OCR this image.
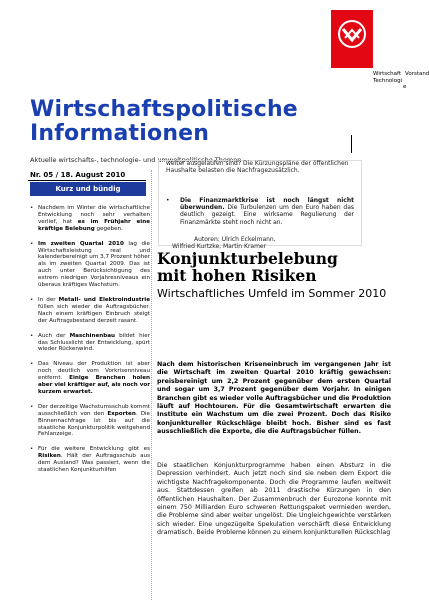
Wirtschaft
Technologi
e
Vorstand
Wirtschaftspolitische
Informationen
Aktuelle wirtschafts-, technologie- und umweltpolitische Themen
Nr. 05 / 18. August 2010
Kurz und bündig
• Nachdem im Winter die wirtschaftliche Entwicklung noch sehr verhalten verlief, hat es im Frühjahr eine kräftige Belebung gegeben.
• Im zweiten Quartal 2010 lag die Wirtschaftsleistung real und kalenderbereinigt um 3,7 Prozent höher als im zweiten Quartal 2009. Das ist auch unter Berücksichtigung des extrem niedrigen Vorjahresniveaus ein überaus kräftiges Wachstum.
• In der Metall- und Elektroindustrie füllen sich wieder die Auftragsbücher. Nach einem kräftigen Einbruch steigt der Auftragsbestand derzeit rasant.
• Auch der Maschinenbau bildet hier das Schlusslicht der Entwicklung, spürt wieder Rückenwind.
• Das Niveau der Produktion ist aber noch deutlich vom Vorkrisenniveau entfernt. Einige Branchen holen aber viel kräftiger auf, als noch vor kurzem erwartet.
• Der derzeitige Wachstumsschub kommt ausschließlich von den Exporten. Die Binnennachfrage ist bis auf die staatliche Konjunkturpolitik weitgehend Fehlanzeige.
• Für die weitere Entwicklung gibt es Risiken. Hält der Auftragsschub aus dem Ausland? Was passiert, wenn die staatlichen Konjunkturhilfen
weiter ausgelaufen sind? Die Kürzungspläne der öffentlichen Haushalte belasten die Nachfragezusätzlich.
•	Die Finanzmarktkrise ist noch längst nicht überwunden. Die Turbulenzen um den Euro haben das deutlich gezeigt. Eine wirksame Regulierung der Finanzmärkte steht noch nicht an.
Autoren: Ulrich Eckelmann,
Wilfried Kurtzke, Martin Kramer
Konjunkturbelebung
mit hohen Risiken
Wirtschaftliches Umfeld im Sommer 2010
Nach dem historischen Kriseneinbruch im vergangenen Jahr ist die Wirtschaft im zweiten Quartal 2010 kräftig gewachsen: preisbereinigt um 2,2 Prozent gegenüber dem ersten Quartal und sogar um 3,7 Prozent gegenüber dem Vorjahr. In einigen Branchen gibt es wieder volle Auftragsbücher und die Produktion läuft auf Hochtouren. Für die Gesamtwirtschaft erwarten die Institute ein Wachstum um die zwei Prozent. Doch das Risiko konjunktureller Rückschläge bleibt hoch. Bisher sind es fast ausschließlich die Exporte, die die Auftragsbücher füllen.
Die staatlichen Konjunkturprogramme haben einen Absturz in die Depression verhindert. Auch jetzt noch sind sie neben dem Export die wichtigste Nachfragekomponente. Doch die Programme laufen weitweit aus. Stattdessen greifen ab 2011 drastische Kürzungen in den öffentlichen Haushalten. Der Zusammenbruch der Eurozone konnte mit einem 750 Milliarden Euro schweren Rettungspaket vermieden werden, die Probleme sind aber weiter ungelöst. Die Ungleichgewichte verstärken sich wieder. Eine ungezügelte Spekulation verschärft diese Entwicklung dramatisch. Beide Probleme können zu einem konjunkturellen Rückschlag
